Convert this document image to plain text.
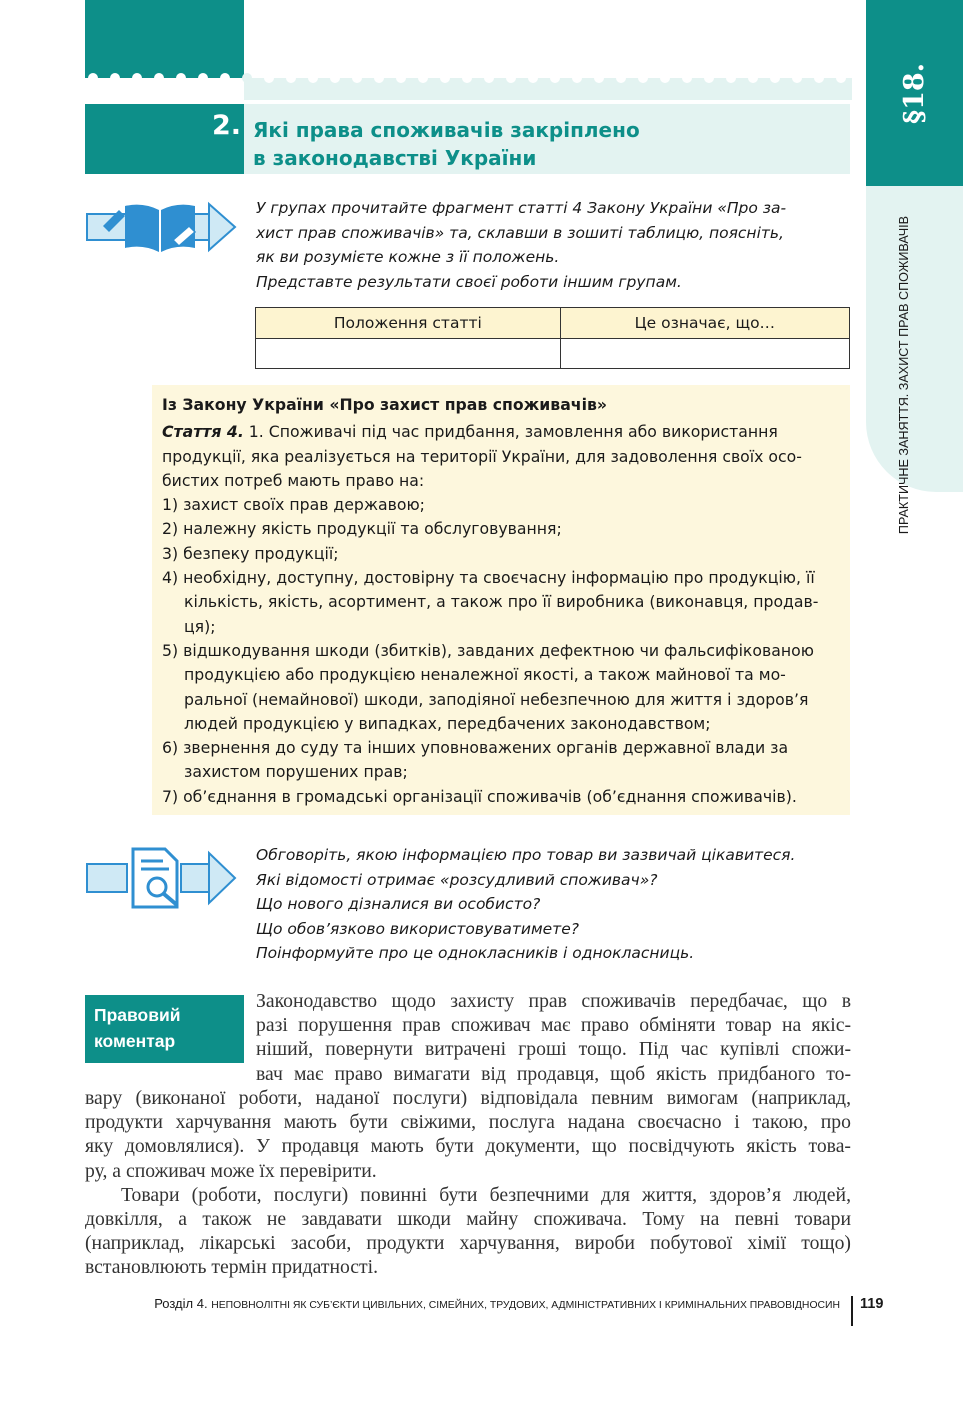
§18.
ПРАКТИЧНЕ ЗАНЯТТЯ. ЗАХИСТ ПРАВ СПОЖИВАЧІВ
2. Які права споживачів закріплено
в законодавстві України
У групах прочитайте фрагмент статті 4 Закону України «Про за-
хист прав споживачів» та, склавши в зошиті таблицю, поясніть,
як ви розумієте кожне з її положень.
Представте результати своєї роботи іншим групам.
Положення статті	Це означає, що…

Із Закону України «Про захист прав споживачів»
Стаття 4. 1. Споживачі під час придбання, замовлення або використання
продукції, яка реалізується на території України, для задоволення своїх осо-
бистих потреб мають право на:
1) захист своїх прав державою;
2) належну якість продукції та обслуговування;
3) безпеку продукції;
4) необхідну, доступну, достовірну та своєчасну інформацію про продукцію, її
кількість, якість, асортимент, а також про її виробника (виконавця, продав-
ця);
5) відшкодування шкоди (збитків), завданих дефектною чи фальсифікованою
продукцією або продукцією неналежної якості, а також майнової та мо-
ральної (немайнової) шкоди, заподіяної небезпечною для життя і здоров’я
людей продукцією у випадках, передбачених законодавством;
6) звернення до суду та інших уповноважених органів державної влади за
захистом порушених прав;
7) об’єднання в громадські організації споживачів (об’єднання споживачів).
Обговоріть, якою інформацією про товар ви зазвичай цікавитеся.
Які відомості отримає «розсудливий споживач»?
Що нового дізналися ви особисто?
Що обов’язково використовуватимете?
Поінформуйте про це однокласників і однокласниць.
Правовий
коментар
Законодавство щодо захисту прав споживачів передбачає, що в
разі порушення прав споживач має право обміняти товар на якіс-
ніший, повернути витрачені гроші тощо. Під час купівлі спожи-
вач має право вимагати від продавця, щоб якість придбаного то-
вару (виконаної роботи, наданої послуги) відповідала певним вимогам (наприклад,
продукти харчування мають бути свіжими, послуга надана своєчасно і такою, про
яку домовлялися). У продавця мають бути документи, що посвідчують якість това-
ру, а споживач може їх перевірити.
Товари (роботи, послуги) повинні бути безпечними для життя, здоров’я людей,
довкілля, а також не завдавати шкоди майну споживача. Тому на певні товари
(наприклад, лікарські засоби, продукти харчування, вироби побутової хімії тощо)
встановлюють термін придатності.
Розділ 4. НЕПОВНОЛІТНІ ЯК СУБ’ЄКТИ ЦИВІЛЬНИХ, СІМЕЙНИХ, ТРУДОВИХ, АДМІНІСТРАТИВНИХ І КРИМІНАЛЬНИХ ПРАВОВІДНОСИН 119
